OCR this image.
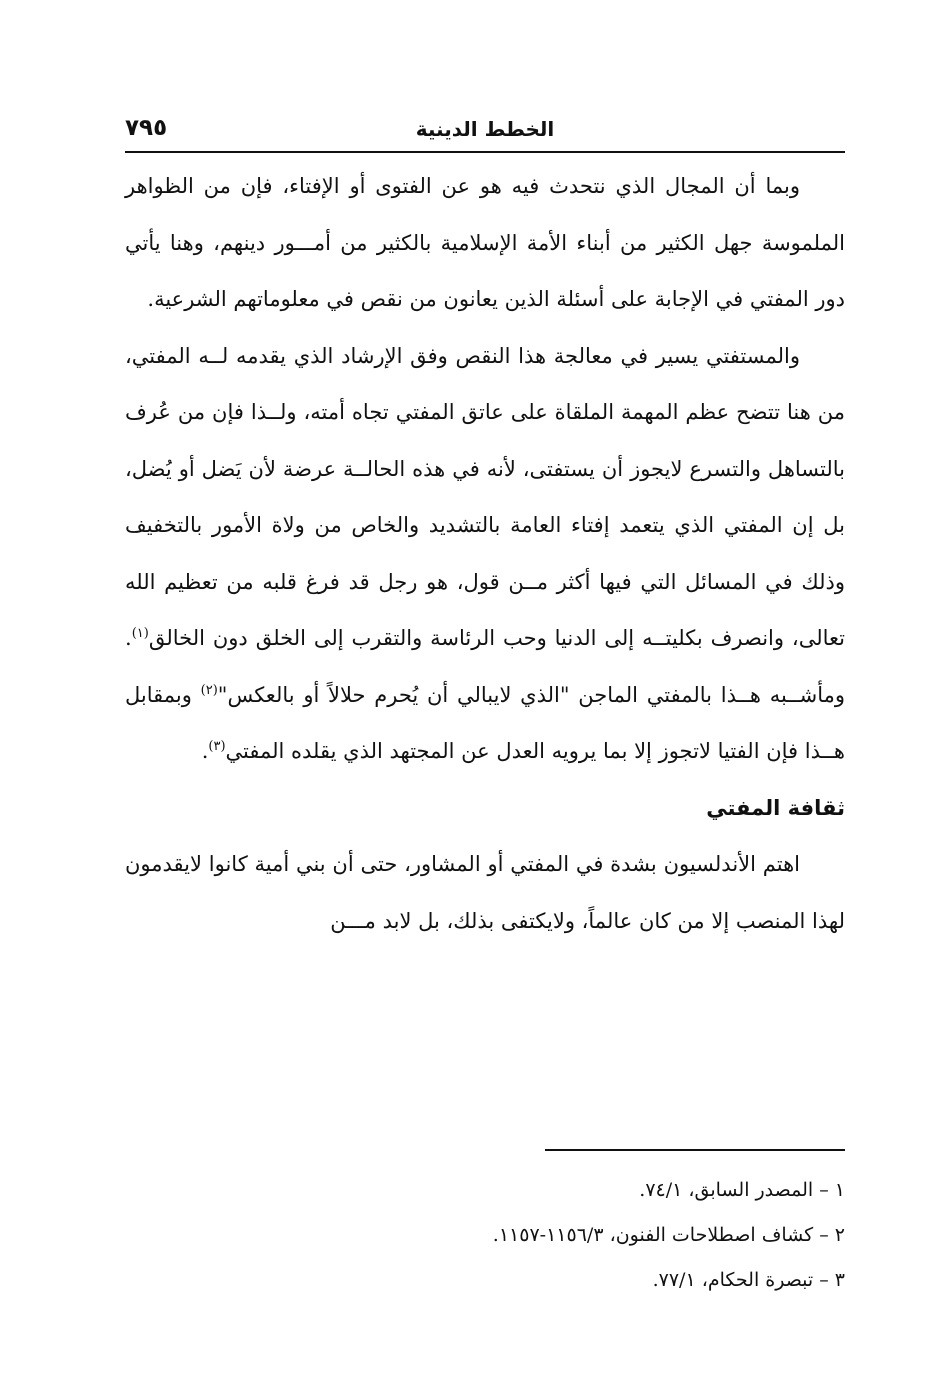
الخطط الدينية
٧٩٥

وبما أن المجال الذي نتحدث فيه هو عن الفتوى أو الإفتاء، فإن من الظواهر الملموسة جهل الكثير من أبناء الأمة الإسلامية بالكثير من أمـــور دينهم، وهنا يأتي دور المفتي في الإجابة على أسئلة الذين يعانون من نقص في معلوماتهم الشرعية.

والمستفتي يسير في معالجة هذا النقص وفق الإرشاد الذي يقدمه لــه المفتي، من هنا تتضح عظم المهمة الملقاة على عاتق المفتي تجاه أمته، ولــذا فإن من عُرف بالتساهل والتسرع لايجوز أن يستفتى، لأنه في هذه الحالــة عرضة لأن يَضل أو يُضل، بل إن المفتي الذي يتعمد إفتاء العامة بالتشديد والخاص من ولاة الأمور بالتخفيف وذلك في المسائل التي فيها أكثر مــن قول، هو رجل قد فرغ قلبه من تعظيم الله تعالى، وانصرف بكليتــه إلى الدنيا وحب الرئاسة والتقرب إلى الخلق دون الخالق$^{(١)}$. ومأشــبه هــذا بالمفتي الماجن "الذي لايبالي أن يُحرم حلالاً أو بالعكس"$^{(٢)}$ وبمقابل هــذا فإن الفتيا لاتجوز إلا بما يرويه العدل عن المجتهد الذي يقلده المفتي$^{(٣)}$.

ثقافة المفتي

اهتم الأندلسيون بشدة في المفتي أو المشاور، حتى أن بني أمية كانوا لايقدمون لهذا المنصب إلا من كان عالماً، ولايكتفى بذلك، بل لابد مـــن

١ – المصدر السابق، ٧٤/١.

٢ – كشاف اصطلاحات الفنون، ١١٥٦/٣-١١٥٧.

٣ – تبصرة الحكام، ٧٧/١.
